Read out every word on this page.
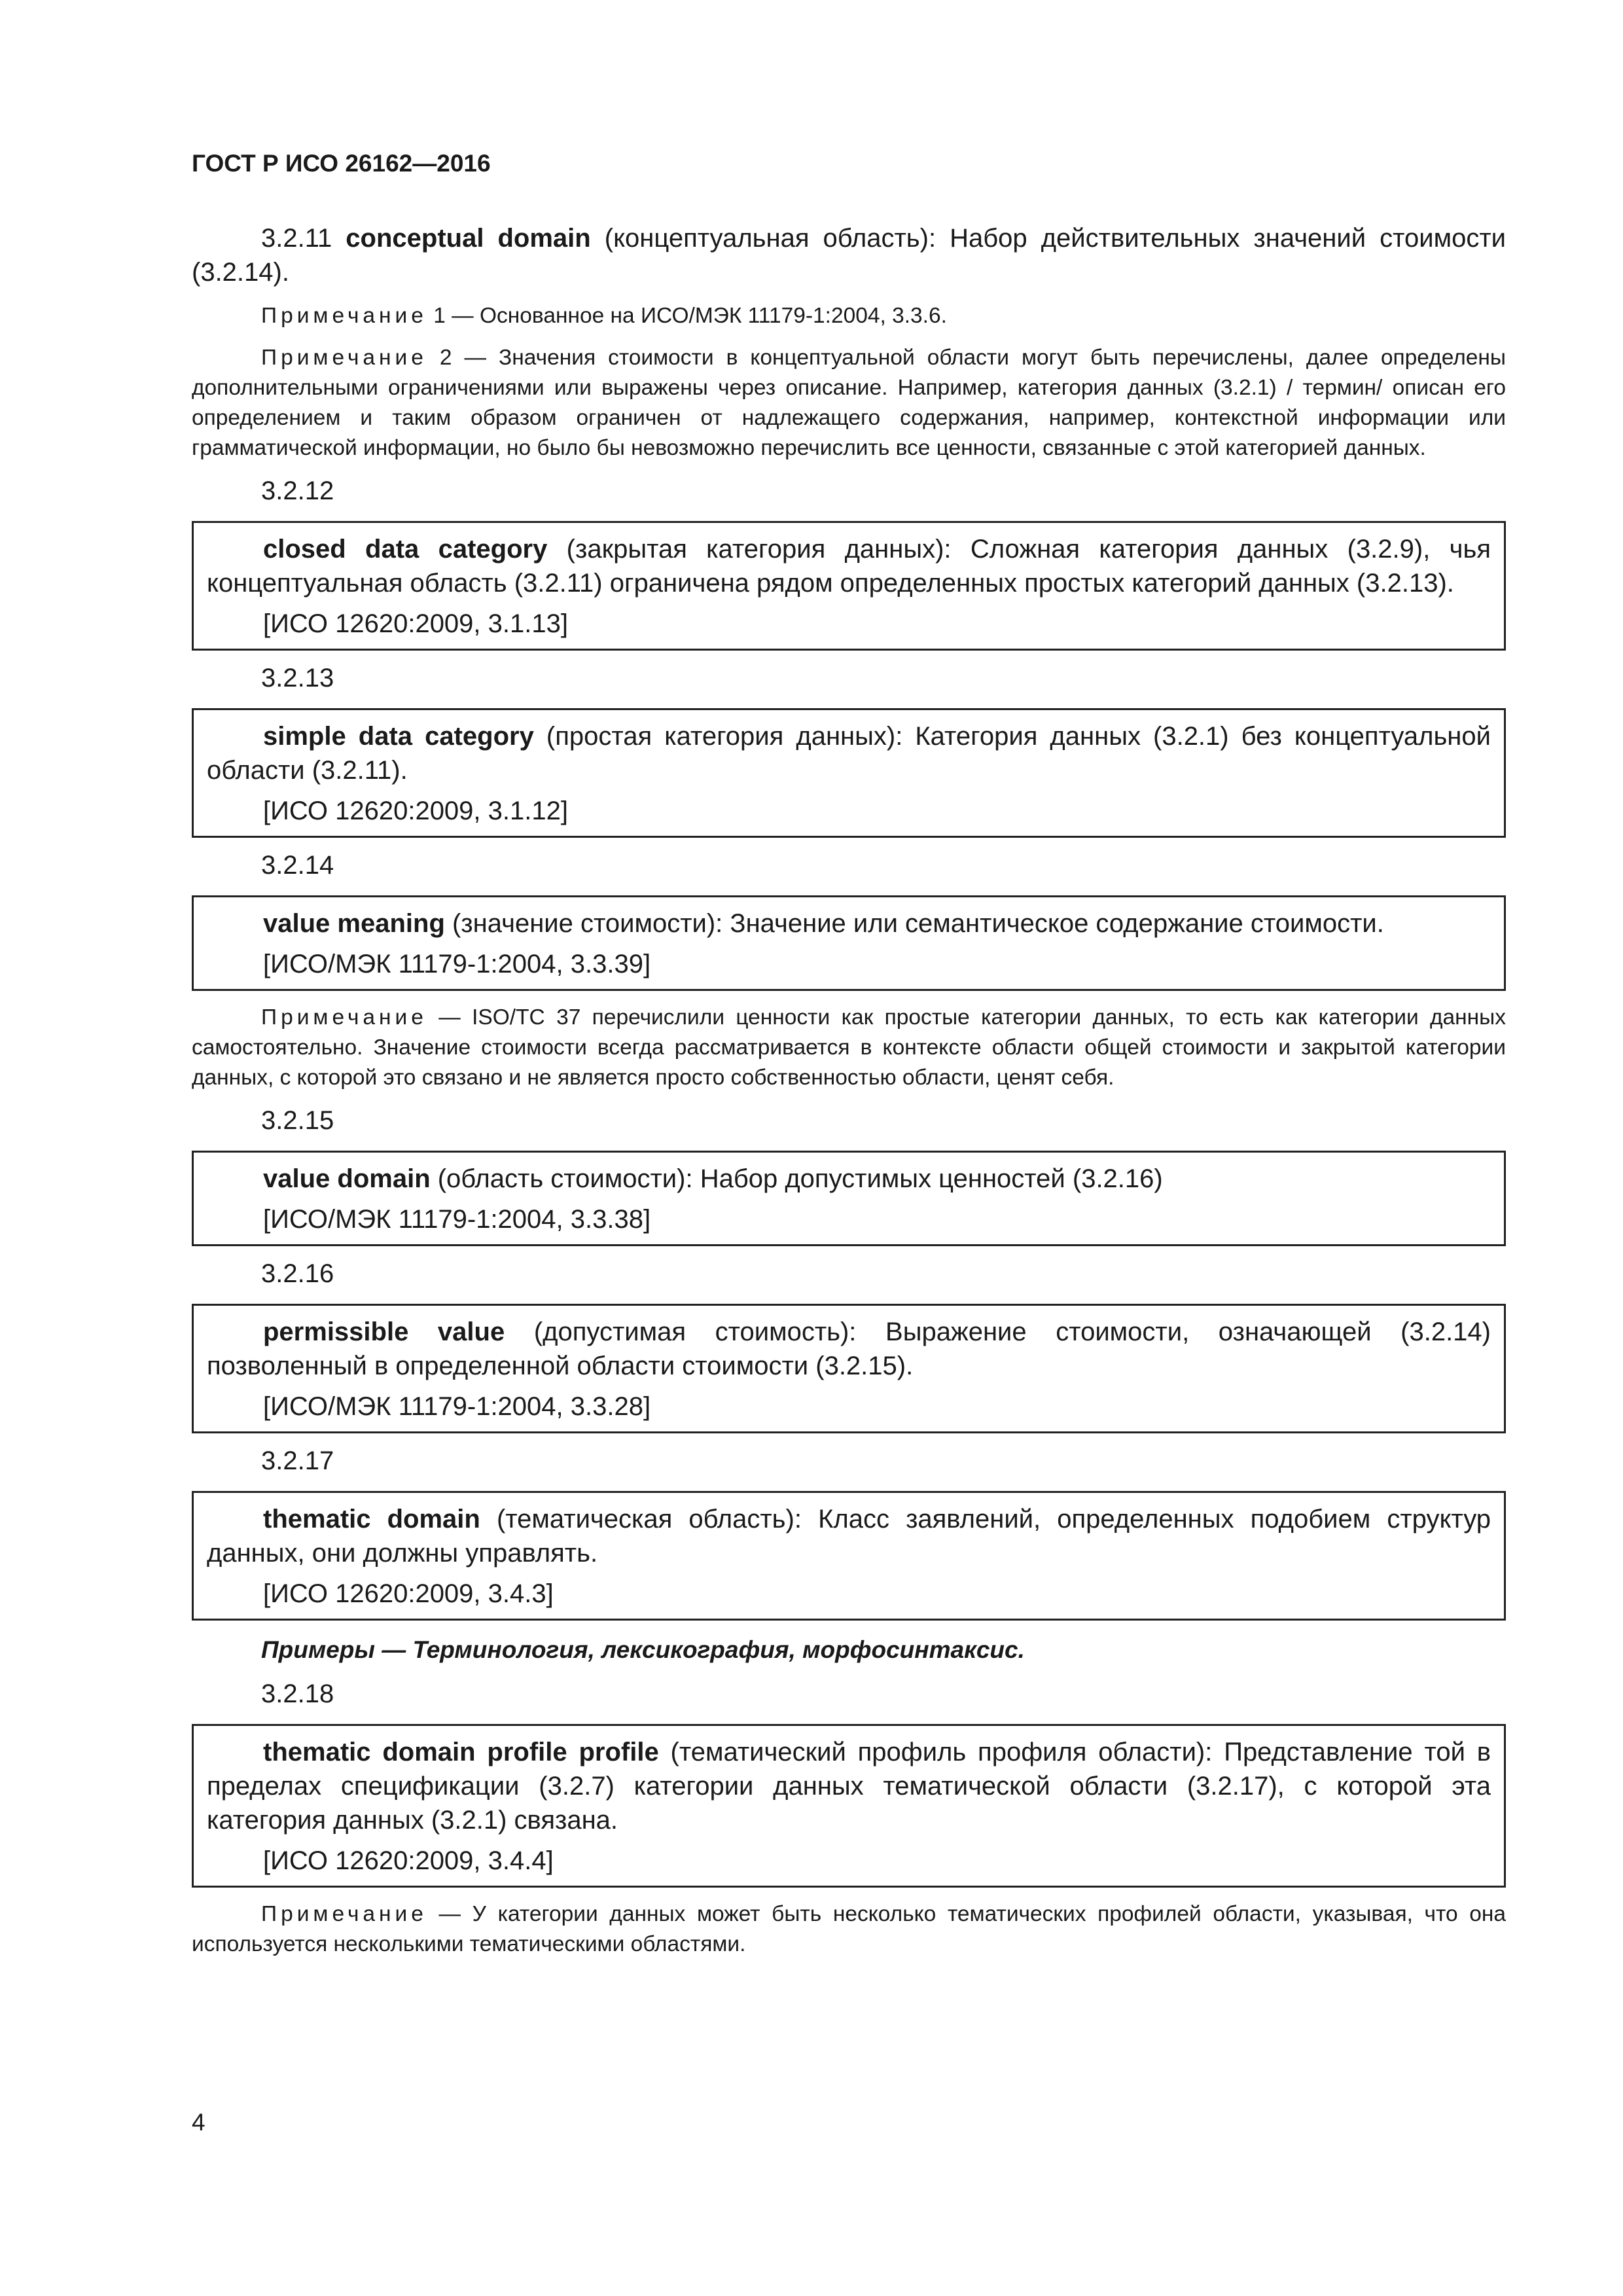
ГОСТ Р ИСО 26162—2016

3.2.11 conceptual domain (концептуальная область): Набор действительных значений стоимости (3.2.14).

Примечание 1 — Основанное на ИСО/МЭК 11179-1:2004, 3.3.6.

Примечание 2 — Значения стоимости в концептуальной области могут быть перечислены, далее определены дополнительными ограничениями или выражены через описание. Например, категория данных (3.2.1) / термин/ описан его определением и таким образом ограничен от надлежащего содержания, например, контекстной информации или грамматической информации, но было бы невозможно перечислить все ценности, связанные с этой категорией данных.

3.2.12

closed data category (закрытая категория данных): Сложная категория данных (3.2.9), чья концептуальная область (3.2.11) ограничена рядом определенных простых категорий данных (3.2.13).

[ИСО 12620:2009, 3.1.13]
3.2.13

simple data category (простая категория данных): Категория данных (3.2.1) без концептуальной области (3.2.11).

[ИСО 12620:2009, 3.1.12]
3.2.14

value meaning (значение стоимости): Значение или семантическое содержание стоимости.

[ИСО/МЭК 11179-1:2004, 3.3.39]

Примечание — ISO/TC 37 перечислили ценности как простые категории данных, то есть как категории данных самостоятельно. Значение стоимости всегда рассматривается в контексте области общей стоимости и закрытой категории данных, с которой это связано и не является просто собственностью области, ценят себя.

3.2.15

value domain (область стоимости): Набор допустимых ценностей (3.2.16)

[ИСО/МЭК 11179-1:2004, 3.3.38]
3.2.16

permissible value (допустимая стоимость): Выражение стоимости, означающей (3.2.14) позволенный в определенной области стоимости (3.2.15).

[ИСО/МЭК 11179-1:2004, 3.3.28]
3.2.17

thematic domain (тематическая область): Класс заявлений, определенных подобием структур данных, они должны управлять.

[ИСО 12620:2009, 3.4.3]
Примеры — Терминология, лексикография, морфосинтаксис.
3.2.18

thematic domain profile profile (тематический профиль профиля области): Представление той в пределах спецификации (3.2.7) категории данных тематической области (3.2.17), с которой эта категория данных (3.2.1) связана.

[ИСО 12620:2009, 3.4.4]

Примечание — У категории данных может быть несколько тематических профилей области, указывая, что она используется несколькими тематическими областями.

4
